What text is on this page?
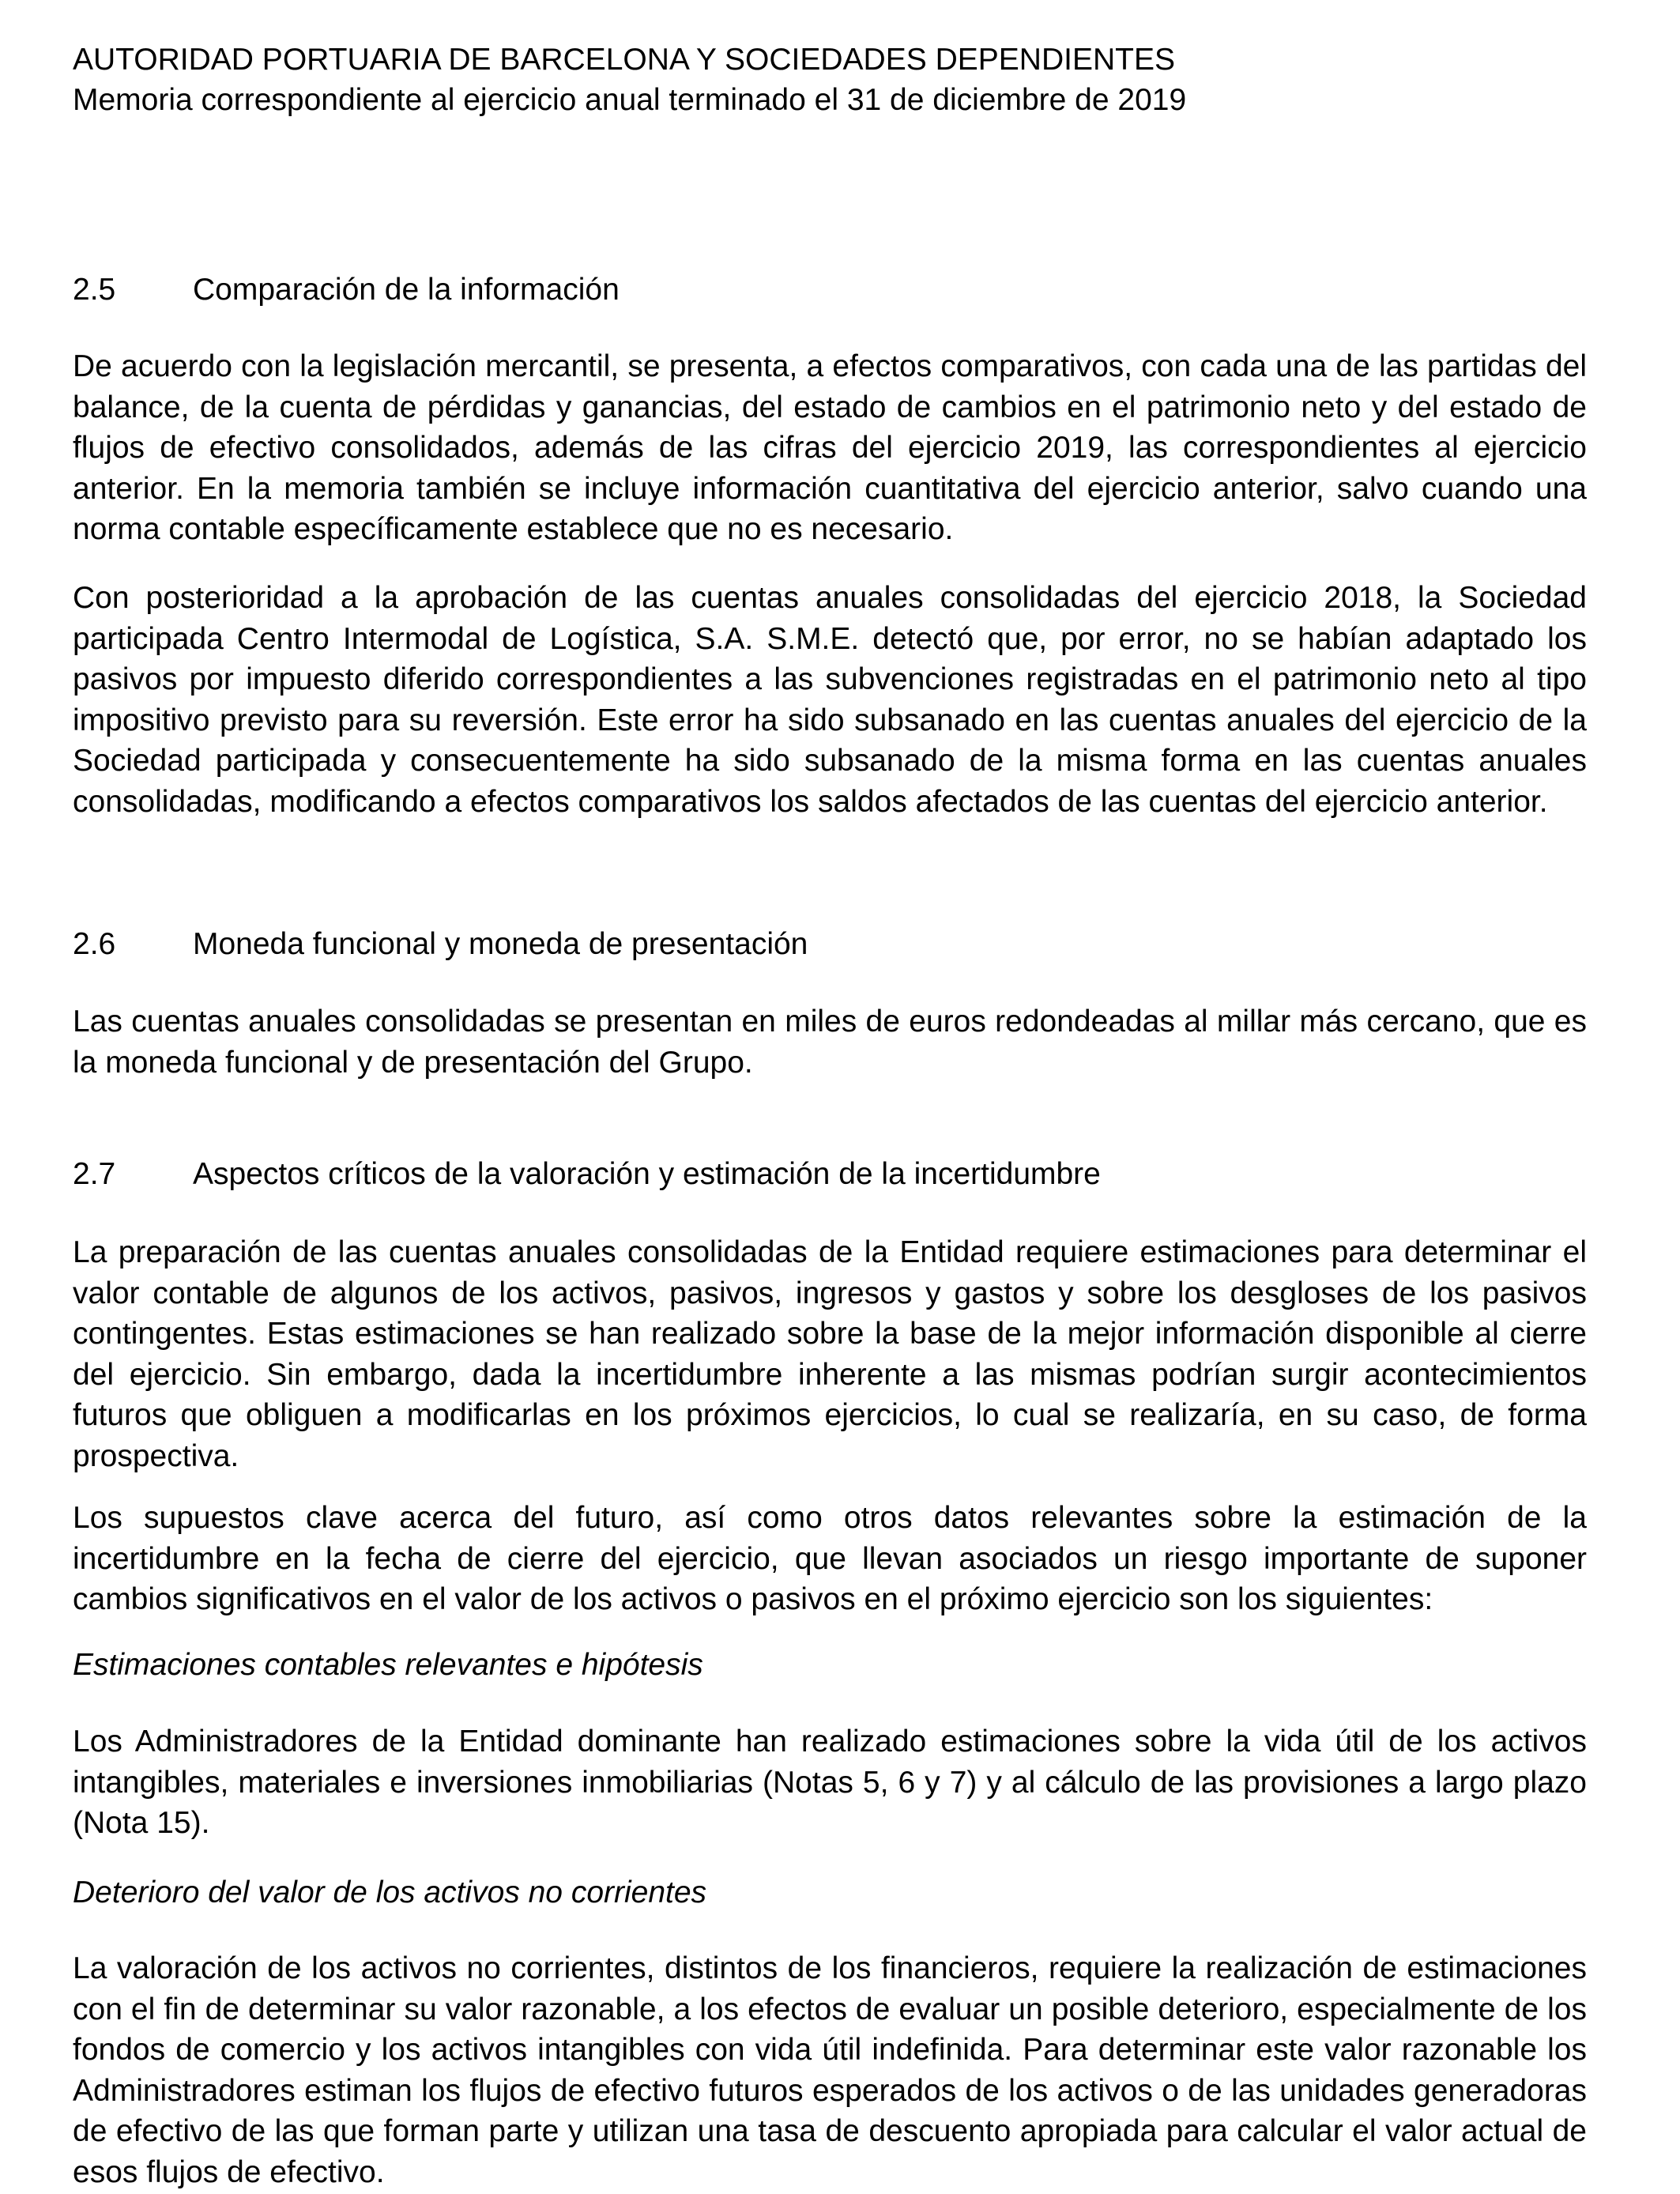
AUTORIDAD PORTUARIA DE BARCELONA Y SOCIEDADES DEPENDIENTES
Memoria correspondiente al ejercicio anual terminado el 31 de diciembre de 2019
2.5	Comparación de la información

De acuerdo con la legislación mercantil, se presenta, a efectos comparativos, con cada una de las partidas del balance, de la cuenta de pérdidas y ganancias, del estado de cambios en el patrimonio neto y del estado de flujos de efectivo consolidados, además de las cifras del ejercicio 2019, las correspondientes al ejercicio anterior. En la memoria también se incluye información cuantitativa del ejercicio anterior, salvo cuando una norma contable específicamente establece que no es necesario.

Con posterioridad a la aprobación de las cuentas anuales consolidadas del ejercicio 2018, la Sociedad participada Centro Intermodal de Logística, S.A. S.M.E. detectó que, por error, no se habían adaptado los pasivos por impuesto diferido correspondientes a las subvenciones registradas en el patrimonio neto al tipo impositivo previsto para su reversión. Este error ha sido subsanado en las cuentas anuales del ejercicio de la Sociedad participada y consecuentemente ha sido subsanado de la misma forma en las cuentas anuales consolidadas, modificando a efectos comparativos los saldos afectados de las cuentas del ejercicio anterior.

2.6	Moneda funcional y moneda de presentación

Las cuentas anuales consolidadas se presentan en miles de euros redondeadas al millar más cercano, que es la moneda funcional y de presentación del Grupo.

2.7	Aspectos críticos de la valoración y estimación de la incertidumbre

La preparación de las cuentas anuales consolidadas de la Entidad requiere estimaciones para determinar el valor contable de algunos de los activos, pasivos, ingresos y gastos y sobre los desgloses de los pasivos contingentes. Estas estimaciones se han realizado sobre la base de la mejor información disponible al cierre del ejercicio. Sin embargo, dada la incertidumbre inherente a las mismas podrían surgir acontecimientos futuros que obliguen a modificarlas en los próximos ejercicios, lo cual se realizaría, en su caso, de forma prospectiva.

Los supuestos clave acerca del futuro, así como otros datos relevantes sobre la estimación de la incertidumbre en la fecha de cierre del ejercicio, que llevan asociados un riesgo importante de suponer cambios significativos en el valor de los activos o pasivos en el próximo ejercicio son los siguientes:

Estimaciones contables relevantes e hipótesis

Los Administradores de la Entidad dominante han realizado estimaciones sobre la vida útil de los activos intangibles, materiales e inversiones inmobiliarias (Notas 5, 6 y 7) y al cálculo de las provisiones a largo plazo (Nota 15).

Deterioro del valor de los activos no corrientes

La valoración de los activos no corrientes, distintos de los financieros, requiere la realización de estimaciones con el fin de determinar su valor razonable, a los efectos de evaluar un posible deterioro, especialmente de los fondos de comercio y los activos intangibles con vida útil indefinida. Para determinar este valor razonable los Administradores estiman los flujos de efectivo futuros esperados de los activos o de las unidades generadoras de efectivo de las que forman parte y utilizan una tasa de descuento apropiada para calcular el valor actual de esos flujos de efectivo.
